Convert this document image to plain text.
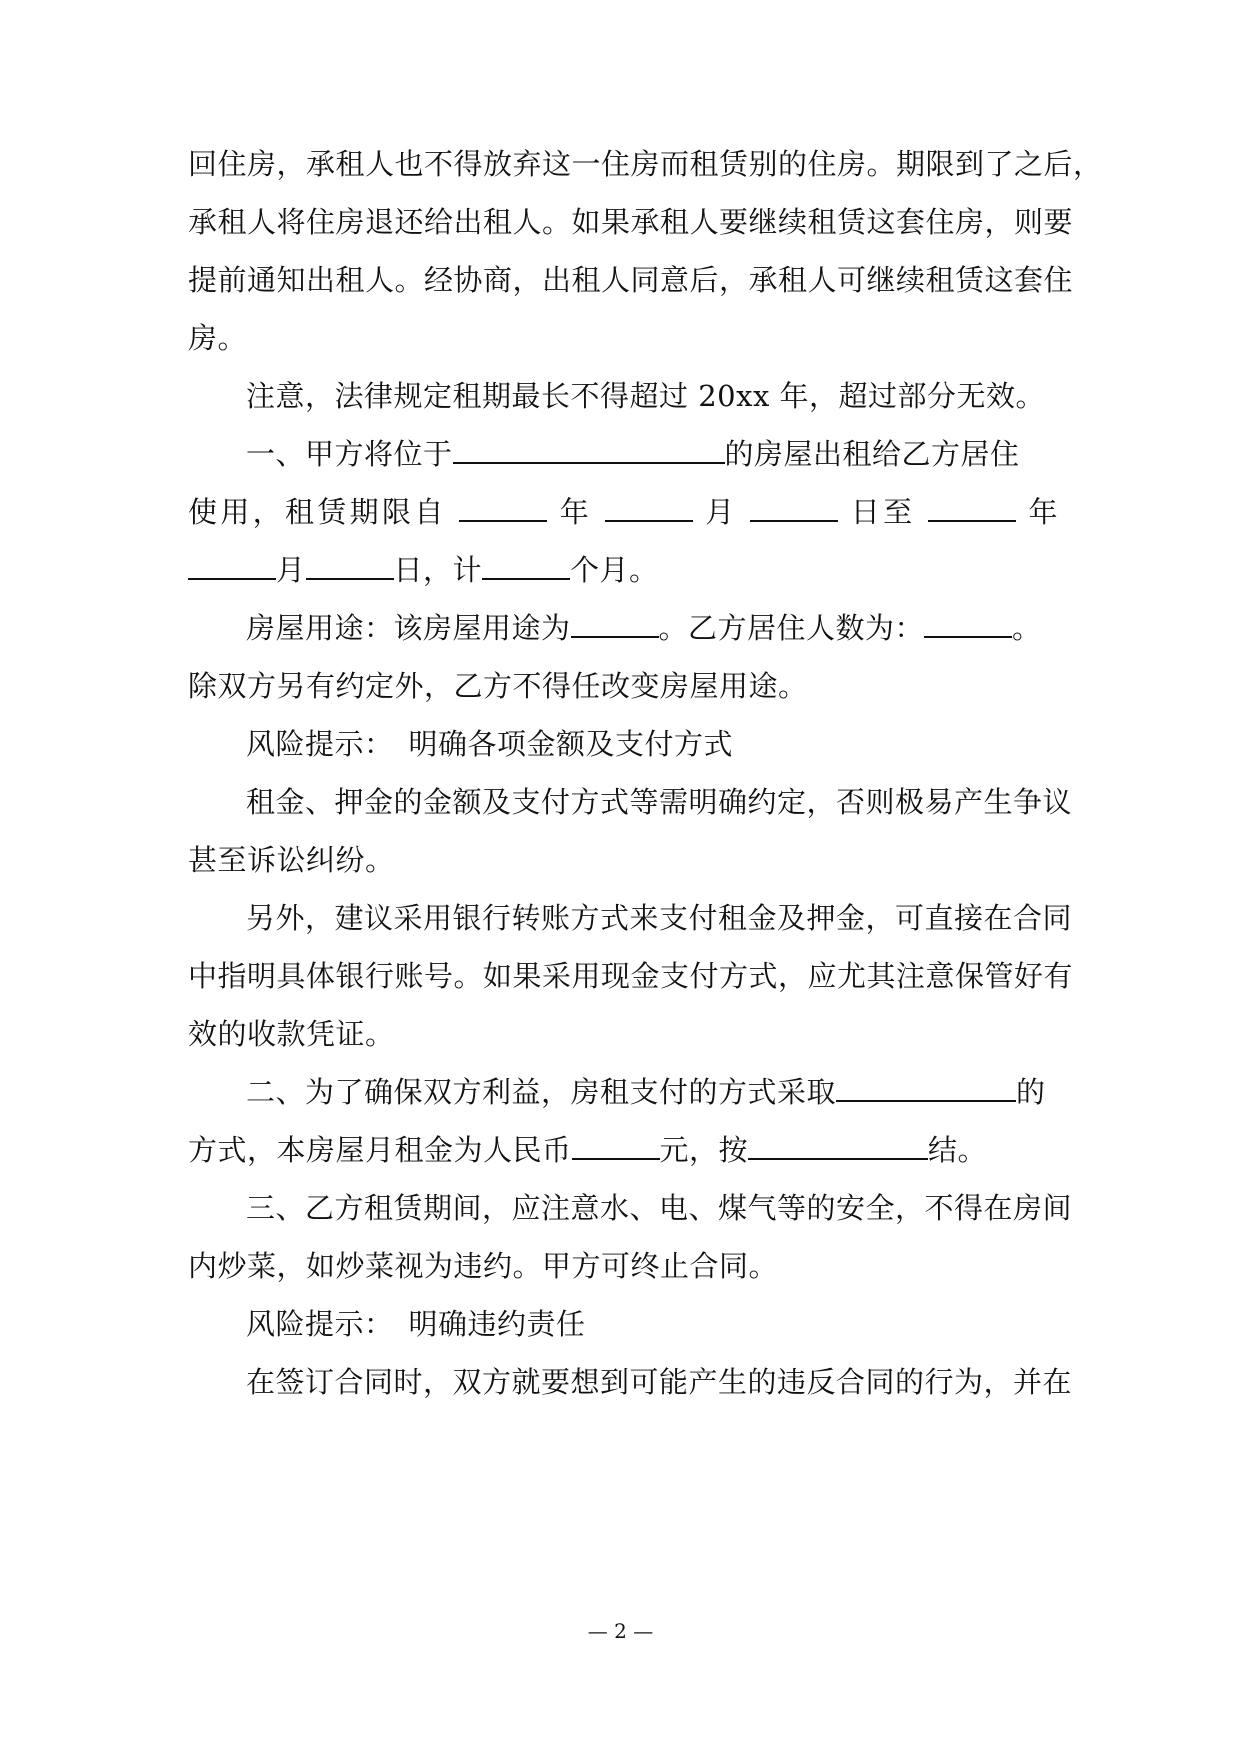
回住房，承租人也不得放弃这一住房而租赁别的住房。期限到了之后，
承租人将住房退还给出租人。如果承租人要继续租赁这套住房，则要
提前通知出租人。经协商，出租人同意后，承租人可继续租赁这套住
房。
注意，法律规定租期最长不得超过 20xx 年，超过部分无效。
一、甲方将位于	的房屋出租给乙方居住
使用，租赁期限自	年	月	日至	年
月	日，计	个月。
房屋用途：该房屋用途为	。乙方居住人数为：	。
除双方另有约定外，乙方不得任改变房屋用途。
风险提示：　明确各项金额及支付方式
租金、押金的金额及支付方式等需明确约定，否则极易产生争议
甚至诉讼纠纷。
另外，建议采用银行转账方式来支付租金及押金，可直接在合同
中指明具体银行账号。如果采用现金支付方式，应尤其注意保管好有
效的收款凭证。
二、为了确保双方利益，房租支付的方式采取	的
方式，本房屋月租金为人民币	元，按	结。
三、乙方租赁期间，应注意水、电、煤气等的安全，不得在房间
内炒菜，如炒菜视为违约。甲方可终止合同。
风险提示：　明确违约责任
在签订合同时，双方就要想到可能产生的违反合同的行为，并在
— 2 —
